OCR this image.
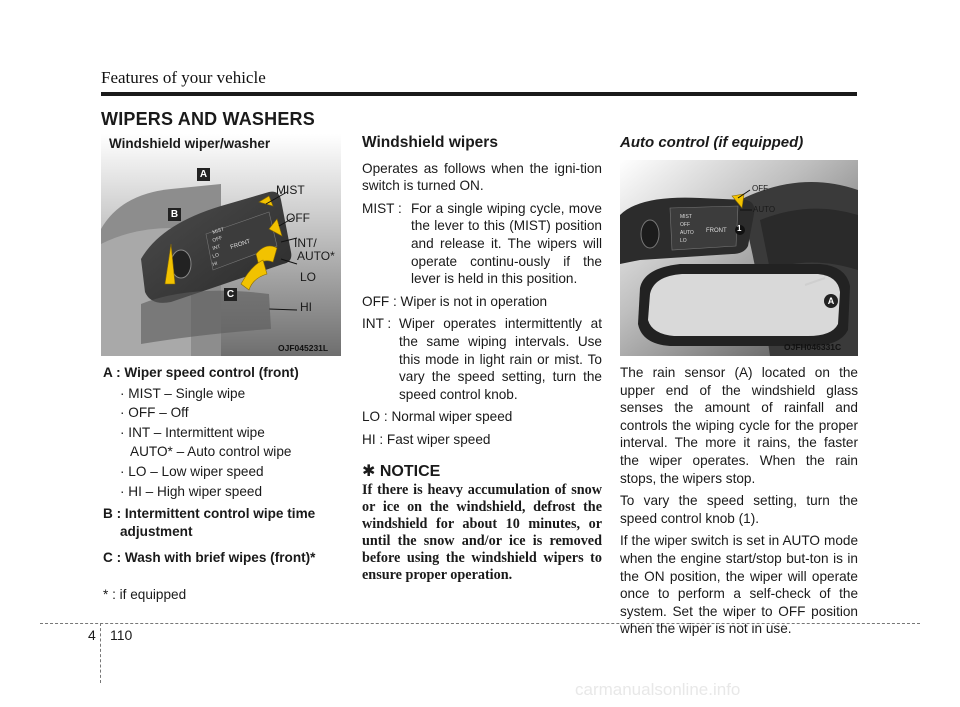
Features of your vehicle
WIPERS AND WASHERS
MIST
OFF
INT
LO
HI
FRONT
Windshield wiper/washer
A
B
C
MIST
OFF
INT/
AUTO*
LO
HI
OJF045231L

A : Wiper speed control (front)

· MIST – Single wipe

· OFF – Off

· INT – Intermittent wipe

AUTO* – Auto control wipe

· LO – Low wiper speed

· HI – High wiper speed

B : Intermittent control wipe time adjustment

C : Wash with brief wipes (front)*

* : if equipped

Windshield wipers

Operates as follows when the igni-tion switch is turned ON.

MIST : For a single wiping cycle, move the lever to this (MIST) position and release it. The wipers will operate continu-ously if the lever is held in this position.

OFF : Wiper is not in operation

INT : Wiper operates intermittently at the same wiping intervals. Use this mode in light rain or mist. To vary the speed setting, turn the speed control knob.

LO : Normal wiper speed

HI : Fast wiper speed

✱ NOTICE

If there is heavy accumulation of snow or ice on the windshield, defrost the windshield for about 10 minutes, or until the snow and/or ice is removed before using the windshield wipers to ensure proper operation.

Auto control (if equipped)

MIST
OFF
AUTO
LO
FRONT
OFF
AUTO
1
A
OJFH046331C

The rain sensor (A) located on the upper end of the windshield glass senses the amount of rainfall and controls the wiping cycle for the proper interval. The more it rains, the faster the wiper operates. When the rain stops, the wipers stop.

To vary the speed setting, turn the speed control knob (1).

If the wiper switch is set in AUTO mode when the engine start/stop but-ton is in the ON position, the wiper will operate once to perform a self-check of the system. Set the wiper to OFF position when the wiper is not in use.

4 110
carmanualsonline.info
